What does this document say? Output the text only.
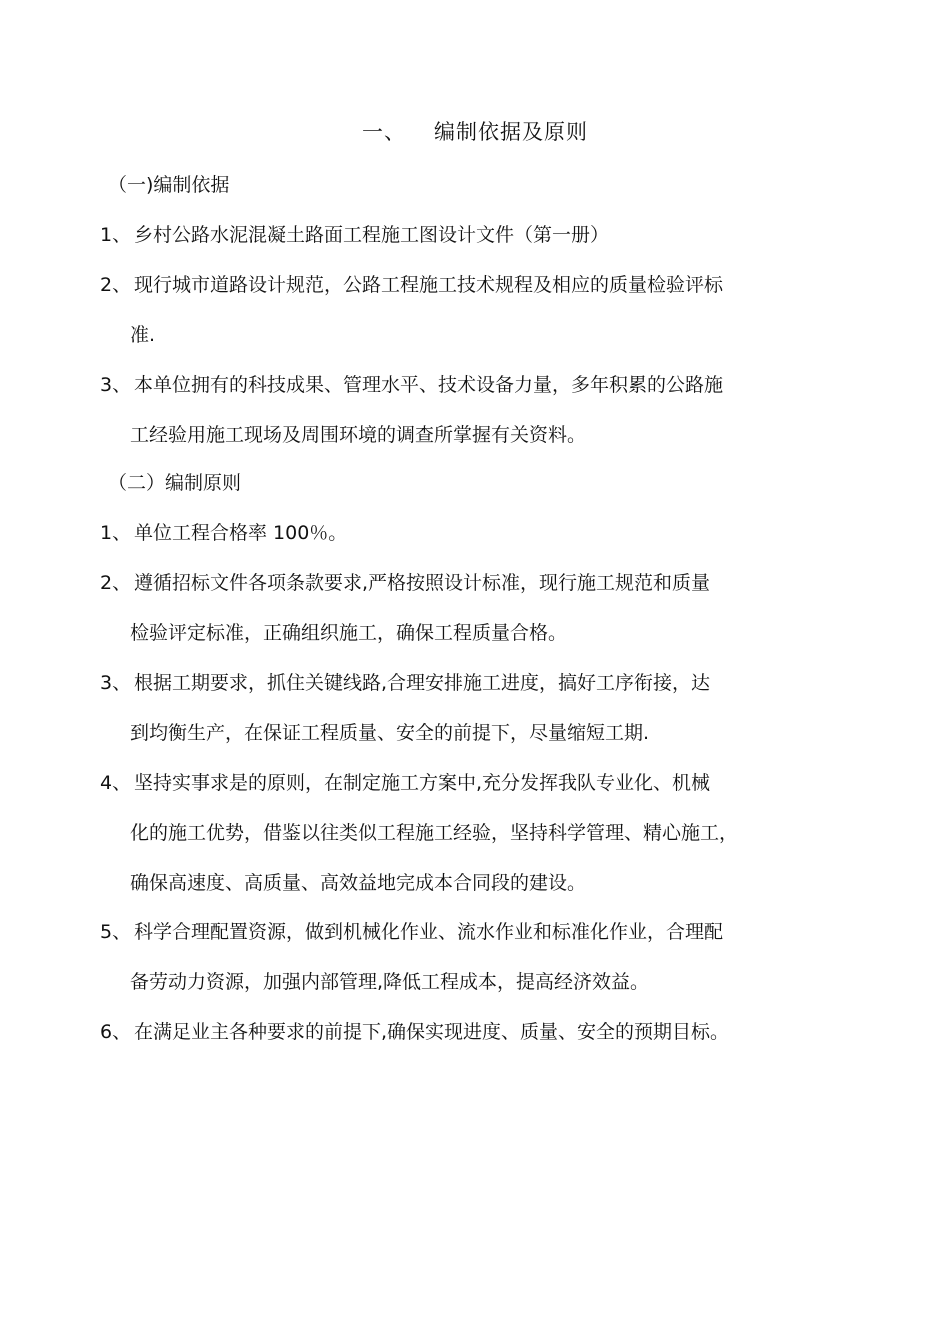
一、 编制依据及原则
（一)编制依据
1、 乡村公路水泥混凝土路面工程施工图设计文件（第一册）
2、 现行城市道路设计规范，公路工程施工技术规程及相应的质量检验评标
准.
3、 本单位拥有的科技成果、管理水平、技术设备力量，多年积累的公路施
工经验用施工现场及周围环境的调查所掌握有关资料。
（二）编制原则
1、 单位工程合格率 100％。
2、 遵循招标文件各项条款要求,严格按照设计标准，现行施工规范和质量
检验评定标准，正确组织施工，确保工程质量合格。
3、 根据工期要求，抓住关键线路,合理安排施工进度，搞好工序衔接，达
到均衡生产，在保证工程质量、安全的前提下，尽量缩短工期.
4、 坚持实事求是的原则，在制定施工方案中,充分发挥我队专业化、机械
化的施工优势，借鉴以往类似工程施工经验，坚持科学管理、精心施工，
确保高速度、高质量、高效益地完成本合同段的建设。
5、 科学合理配置资源，做到机械化作业、流水作业和标准化作业，合理配
备劳动力资源，加强内部管理,降低工程成本，提高经济效益。
6、 在满足业主各种要求的前提下,确保实现进度、质量、安全的预期目标。
